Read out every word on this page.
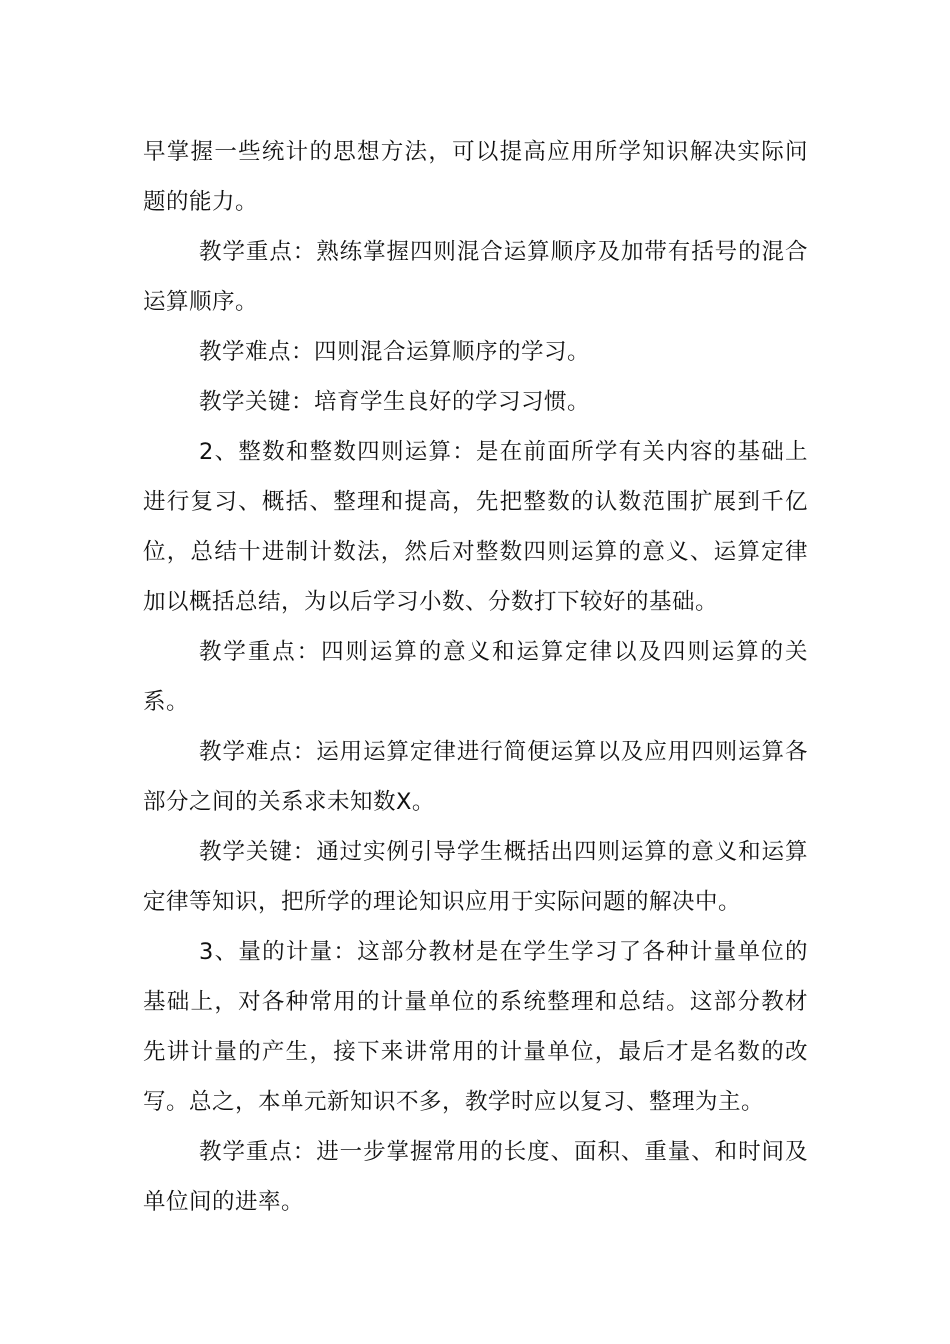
早掌握一些统计的思想方法，可以提高应用所学知识解决实际问题的能力。

教学重点：熟练掌握四则混合运算顺序及加带有括号的混合运算顺序。

教学难点：四则混合运算顺序的学习。

教学关键：培育学生良好的学习习惯。

2、整数和整数四则运算：是在前面所学有关内容的基础上进行复习、概括、整理和提高，先把整数的认数范围扩展到千亿位，总结十进制计数法，然后对整数四则运算的意义、运算定律加以概括总结，为以后学习小数、分数打下较好的基础。

教学重点：四则运算的意义和运算定律以及四则运算的关系。

教学难点：运用运算定律进行简便运算以及应用四则运算各部分之间的关系求未知数X。

教学关键：通过实例引导学生概括出四则运算的意义和运算定律等知识，把所学的理论知识应用于实际问题的解决中。

3、量的计量：这部分教材是在学生学习了各种计量单位的基础上，对各种常用的计量单位的系统整理和总结。这部分教材先讲计量的产生，接下来讲常用的计量单位，最后才是名数的改写。总之，本单元新知识不多，教学时应以复习、整理为主。

教学重点：进一步掌握常用的长度、面积、重量、和时间及单位间的进率。
